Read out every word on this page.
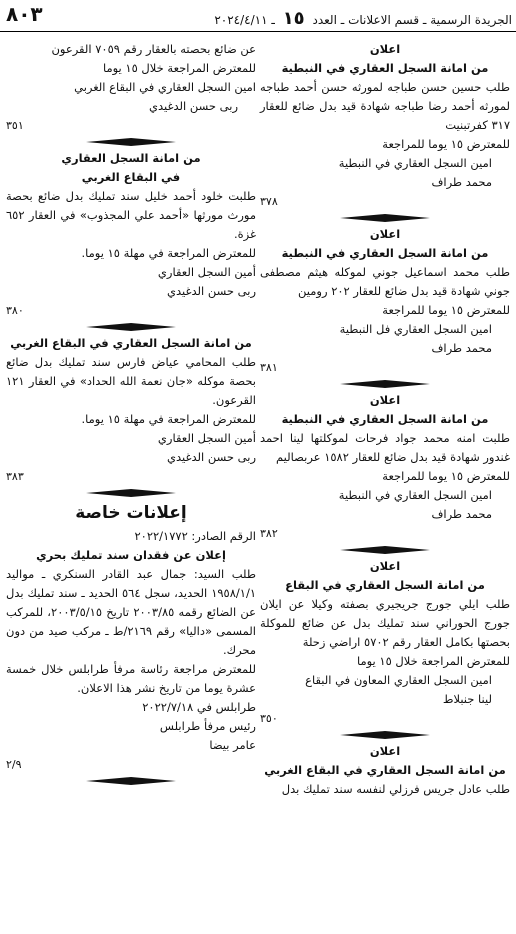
٨٠٣	الجريدة الرسمية ـ قسم الاعلانات ـ العدد ١٥ ـ ٢٠٢٤/٤/١١

اعلان

من امانة السجل العقاري في النبطية

طلب حسين حسن طباجه لمورثه حسن أحمد طباجه لمورثه أحمد رضا طباجه شهادة قيد بدل ضائع للعقار ٣١٧ كفرتبنيت

للمعترض ١٥ يوما للمراجعة

امين السجل العقاري في النبطية

محمد طراف

٣٧٨

اعلان

من امانة السجل العقاري في النبطية

طلب محمد اسماعيل جوني لموكله هيثم مصطفى جوني شهادة قيد بدل ضائع للعقار ٢٠٢ رومين

للمعترض ١٥ يوما للمراجعة

امين السجل العقاري فل النبطية

محمد طراف

٣٨١

اعلان

من امانة السجل العقاري في النبطية

طلبت امنه محمد جواد فرحات لموكلتها لينا احمد غندور شهادة قيد بدل ضائع للعقار ١٥٨٢ عربصاليم

للمعترض ١٥ يوما للمراجعة

امين السجل العقاري في النبطية

محمد طراف

٣٨٢

اعلان

من امانة السجل العقاري في البقاع

طلب ايلي جورج جريجيري بصفته وكيلا عن ايلان جورج الحوراني سند تمليك بدل عن ضائع للموكلة بحصتها بكامل العقار رقم ٥٧٠٢ اراضي زحلة

للمعترض المراجعة خلال ١٥ يوما

امين السجل العقاري المعاون في البقاع

لينا جنبلاط

٣٥٠

اعلان

من امانة السجل العقاري في البقاع الغربي

طلب عادل جريس فرزلي لنفسه سند تمليك بدل

عن ضائع بحصته بالعقار رقم ٧٠٥٩ القرعون

للمعترض المراجعة خلال ١٥ يوما

امين السجل العقاري في البقاع الغربي

ربى حسن الدغيدي

٣٥١

من امانة السجل العقاري

في البقاع الغربي

طلبت خلود أحمد خليل سند تمليك بدل ضائع بحصة مورث مورثها «أحمد علي المجذوب» في العقار ٦٥٢ غزة.

للمعترض المراجعة في مهلة ١٥ يوما.

أمين السجل العقاري

ربى حسن الدغيدي

٣٨٠

من امانة السجل العقاري في البقاع الغربي

طلب المحامي عياض فارس سند تمليك بدل ضائع بحصة موكله «جان نعمة الله الحداد» في العقار ١٢١ القرعون.

للمعترض المراجعة في مهلة ١٥ يوما.

أمين السجل العقاري

ربى حسن الدغيدي

٣٨٣

إعلانات خاصة

الرقم الصادر: ٢٠٢٢/١٧٧٢

إعلان عن فقدان سند تمليك بحري

طلب السيد: جمال عبد القادر السنكري ـ مواليد ١٩٥٨/١/١ الحديد، سجل ٥٦٤ الحديد ـ سند تمليك بدل عن الضائع رقمه ٢٠٠٣/٨٥ تاريخ ٢٠٠٣/٥/١٥، للمركب المسمى «داليا» رقم ٢١٦٩/ط ـ مركب صيد من دون محرك.

للمعترض مراجعة رئاسة مرفأ طرابلس خلال خمسة عشرة يوما من تاريخ نشر هذا الاعلان.

طرابلس في ٢٠٢٢/٧/١٨

رئيس مرفأ طرابلس

عامر بيضا

٢/٩
